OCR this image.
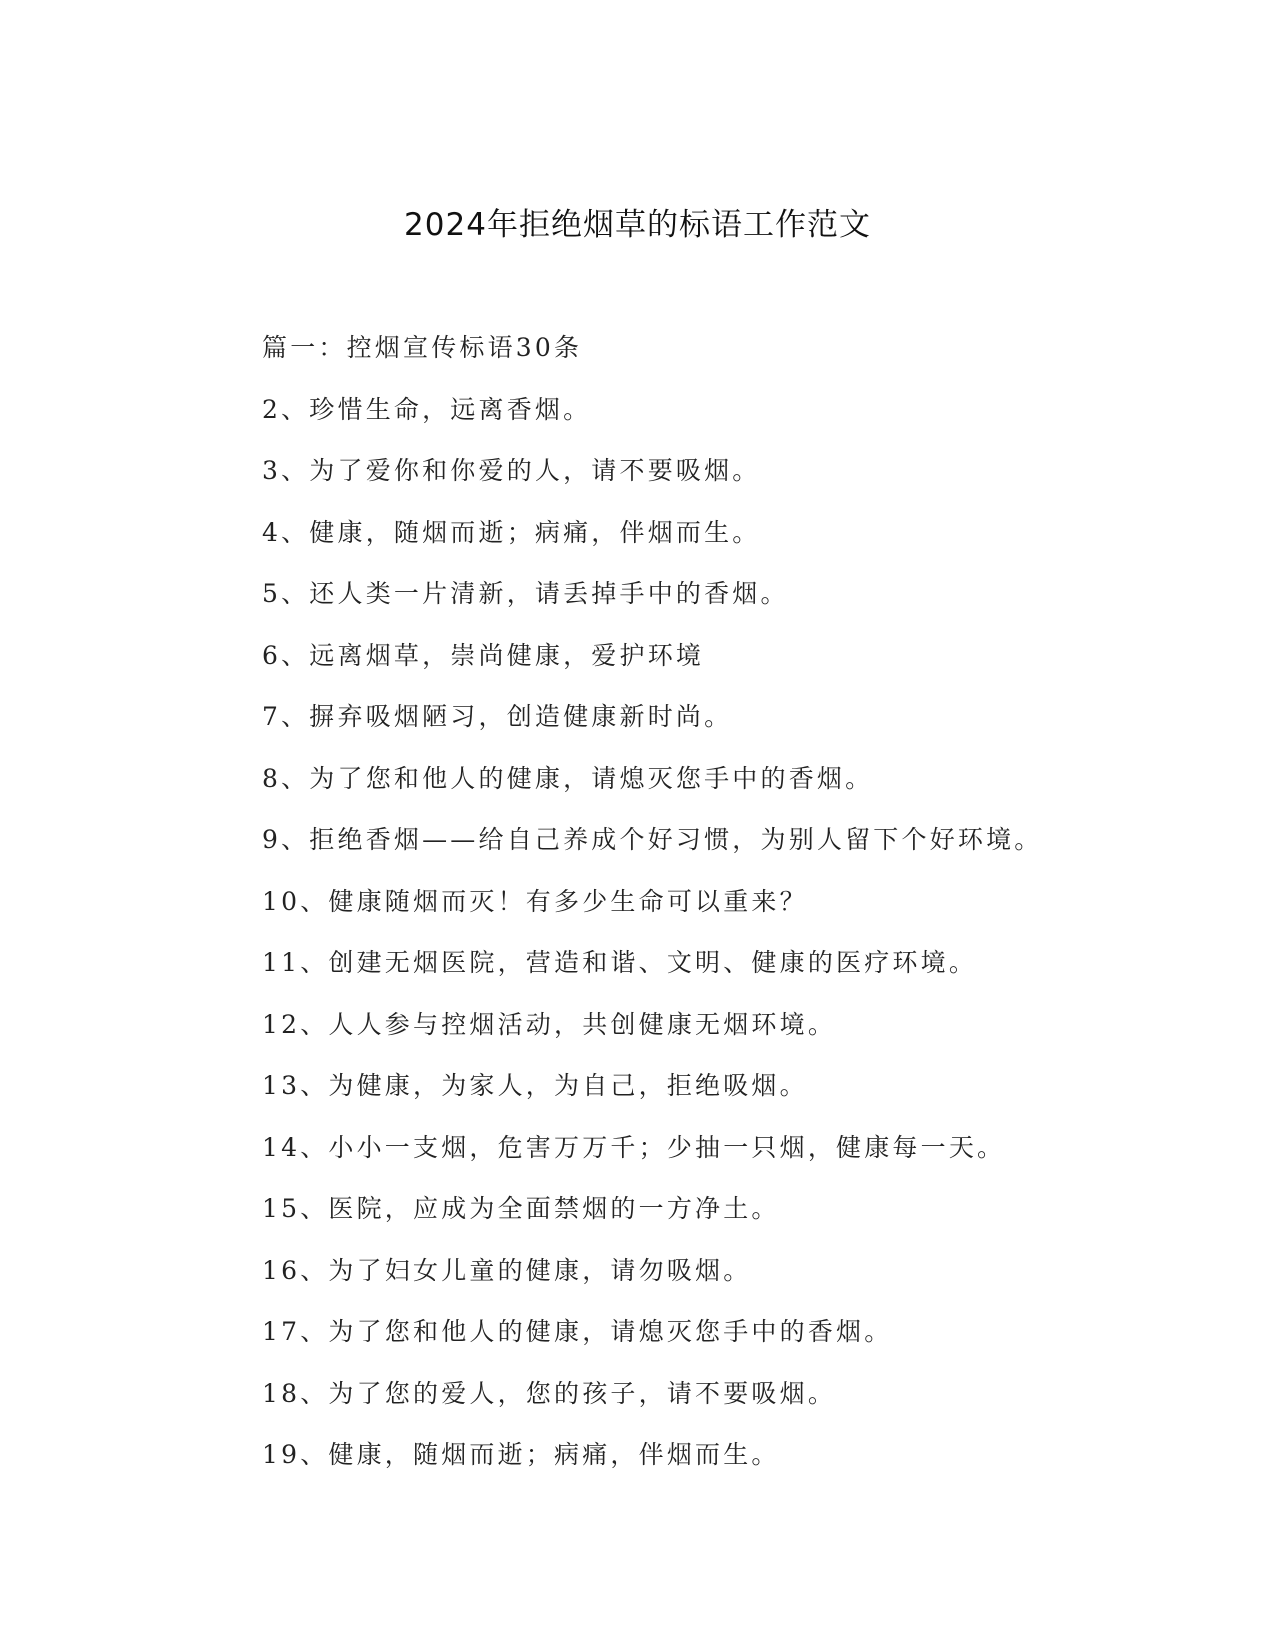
2024年拒绝烟草的标语工作范文
篇一：控烟宣传标语30条
2、珍惜生命，远离香烟。
3、为了爱你和你爱的人，请不要吸烟。
4、健康，随烟而逝；病痛，伴烟而生。
5、还人类一片清新，请丢掉手中的香烟。
6、远离烟草，崇尚健康，爱护环境
7、摒弃吸烟陋习，创造健康新时尚。
8、为了您和他人的健康，请熄灭您手中的香烟。
9、拒绝香烟——给自己养成个好习惯，为别人留下个好环境。
10、健康随烟而灭！有多少生命可以重来？
11、创建无烟医院，营造和谐、文明、健康的医疗环境。
12、人人参与控烟活动，共创健康无烟环境。
13、为健康，为家人，为自己，拒绝吸烟。
14、小小一支烟，危害万万千；少抽一只烟，健康每一天。
15、医院，应成为全面禁烟的一方净土。
16、为了妇女儿童的健康，请勿吸烟。
17、为了您和他人的健康，请熄灭您手中的香烟。
18、为了您的爱人，您的孩子，请不要吸烟。
19、健康，随烟而逝；病痛，伴烟而生。
